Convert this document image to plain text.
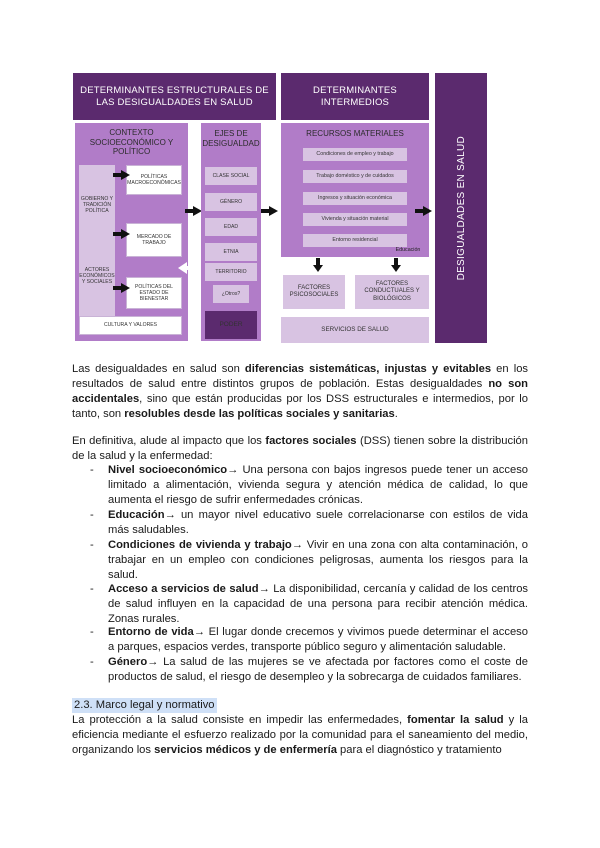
DETERMINANTES ESTRUCTURALES DE LAS DESIGUALDADES EN SALUD
DETERMINANTES INTERMEDIOS
DESIGUALDADES EN SALUD
CONTEXTO SOCIOECONÓMICO Y POLÍTICO
GOBIERNO Y TRADICIÓN POLÍTICA
ACTORES ECONÓMICOS Y SOCIALES
POLÍTICAS MACROECONÓMICAS
MERCADO DE TRABAJO
POLÍTICAS DEL ESTADO DE BIENESTAR
CULTURA Y VALORES
EJES DE DESIGUALDAD
CLASE SOCIAL
GÉNERO
EDAD
ETNIA
TERRITORIO
¿Otros?
PODER
RECURSOS MATERIALES
Condiciones de empleo y trabajo
Trabajo doméstico y de cuidados
Ingresos y situación económica
Vivienda y situación material
Entorno residencial
Educación
FACTORES PSICOSOCIALES
FACTORES CONDUCTUALES Y BIOLÓGICOS
SERVICIOS DE SALUD
Las desigualdades en salud son diferencias sistemáticas, injustas y evitables en los resultados de salud entre distintos grupos de población. Estas desigualdades no son accidentales, sino que están producidas por los DSS estructurales e intermedios, por lo tanto, son resolubles desde las políticas sociales y sanitarias.
En definitiva, alude al impacto que los factores sociales (DSS) tienen sobre la distribución de la salud y la enfermedad:
- Nivel socioeconómico→ Una persona con bajos ingresos puede tener un acceso limitado a alimentación, vivienda segura y atención médica de calidad, lo que aumenta el riesgo de sufrir enfermedades crónicas.
- Educación→ un mayor nivel educativo suele correlacionarse con estilos de vida más saludables.
- Condiciones de vivienda y trabajo→ Vivir en una zona con alta contaminación, o trabajar en un empleo con condiciones peligrosas, aumenta los riesgos para la salud.
- Acceso a servicios de salud→ La disponibilidad, cercanía y calidad de los centros de salud influyen en la capacidad de una persona para recibir atención médica. Zonas rurales.
- Entorno de vida→ El lugar donde crecemos y vivimos puede determinar el acceso a parques, espacios verdes, transporte público seguro y alimentación saludable.
- Género→ La salud de las mujeres se ve afectada por factores como el coste de productos de salud, el riesgo de desempleo y la sobrecarga de cuidados familiares.
2.3. Marco legal y normativo
La protección a la salud consiste en impedir las enfermedades, fomentar la salud y la eficiencia mediante el esfuerzo realizado por la comunidad para el saneamiento del medio, organizando los servicios médicos y de enfermería para el diagnóstico y tratamiento
